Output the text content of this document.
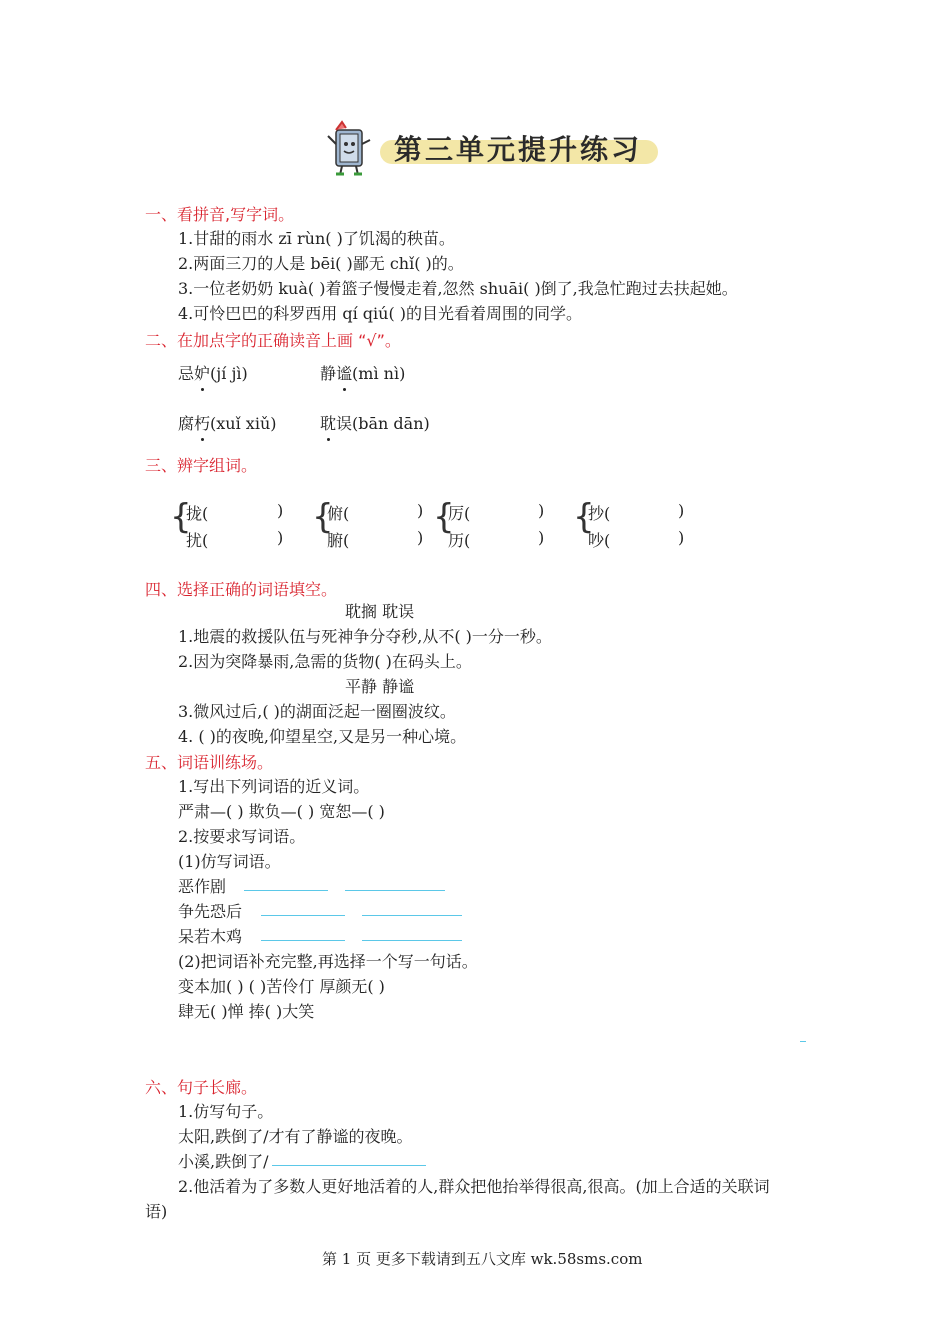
第三单元提升练习
一、看拼音,写字词。
1.甘甜的雨水 zī rùn( )了饥渴的秧苗。
2.两面三刀的人是 bēi( )鄙无 chǐ( )的。
3.一位老奶奶 kuà( )着篮子慢慢走着,忽然 shuāi( )倒了,我急忙跑过去扶起她。
4.可怜巴巴的科罗西用 qí qiú( )的目光看着周围的同学。
二、在加点字的正确读音上画 “√”。
忌妒(jí jì)	静谧(mì nì)
腐朽(xuǐ xiǔ)	耽误(bān dān)
三、辨字组词。
{
拢(
扰(
)
)
{
俯(
腑(
)
)
{
厉(
历(
)
)
{
抄(
吵(
)
)
四、选择正确的词语填空。
耽搁 耽误
1.地震的救援队伍与死神争分夺秒,从不( )一分一秒。
2.因为突降暴雨,急需的货物( )在码头上。
平静 静谧
3.微风过后,( )的湖面泛起一圈圈波纹。
4. ( )的夜晚,仰望星空,又是另一种心境。
五、词语训练场。
1.写出下列词语的近义词。
严肃—( ) 欺负—( ) 宽恕—( )
2.按要求写词语。
(1)仿写词语。
恶作剧
争先恐后
呆若木鸡
(2)把词语补充完整,再选择一个写一句话。
变本加( ) ( )苦伶仃 厚颜无( )
肆无( )惮 捧( )大笑
六、句子长廊。
1.仿写句子。
太阳,跌倒了/才有了静谧的夜晚。
小溪,跌倒了/
2.他活着为了多数人更好地活着的人,群众把他抬举得很高,很高。(加上合适的关联词
语)
第 1 页 更多下载请到五八文库 wk.58sms.com
